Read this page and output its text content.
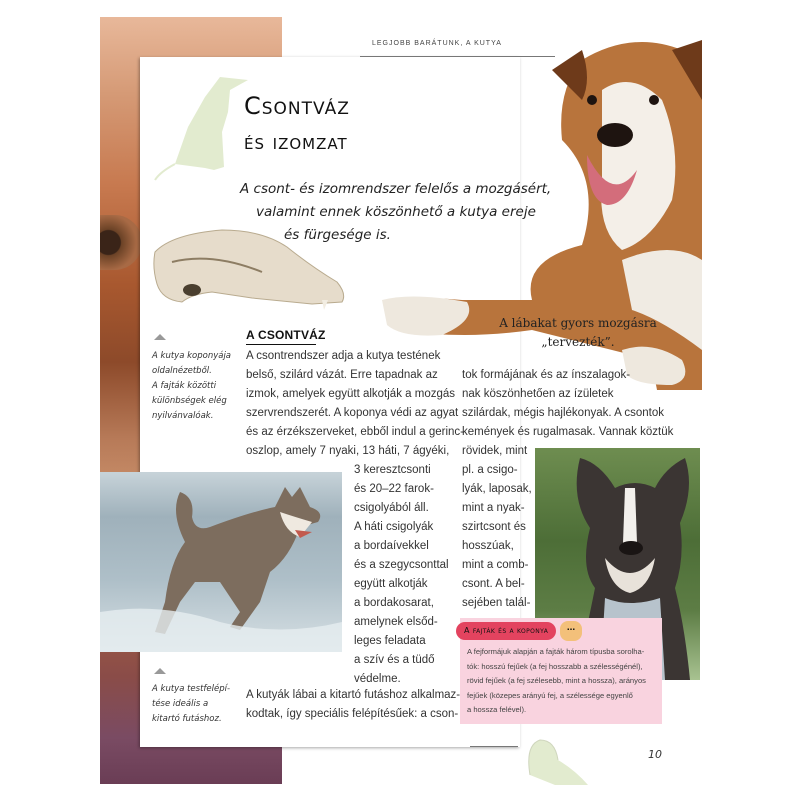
LEGJOBB BARÁTUNK, A KUTYA
Csontváz
és izomzat
A csont- és izomrendszer felelős a mozgásért,
valamint ennek köszönhető a kutya ereje
és fürgesége is.
A kutya koponyája
oldalnézetből.
A fajták közötti
különbségek elég
nyilvánvalóak.
A lábakat gyors mozgásra
„tervezték”.
A CSONTVÁZ
A csontrendszer adja a kutya testének
belső, szilárd vázát. Erre tapadnak az
izmok, amelyek együtt alkotják a mozgás
szervrendszerét. A koponya védi az agyat
és az érzékszerveket, ebből indul a gerinc-
oszlop, amely 7 nyaki, 13 háti, 7 ágyéki,
3 keresztcsonti
és 20–22 farok-
csigolyából áll.
A háti csigolyák
a bordaívekkel
és a szegycsonttal
együtt alkotják
a bordakosarat,
amelynek elsőd-
leges feladata
a szív és a tüdő
védelme.
A kutyák lábai a kitartó futáshoz alkalmaz-
kodtak, így speciális felépítésűek: a cson-
tok formájának és az ínszalagok-
nak köszönhetően az ízületek
szilárdak, mégis hajlékonyak. A csontok
kemények és rugalmasak. Vannak köztük
rövidek, mint
pl. a csigo-
lyák, laposak,
mint a nyak-
szirtcsont és
hosszúak,
mint a comb-
csont. A bel-
sejében talál-
A kutya testfelépí-
tése ideális a
kitartó futáshoz.
...
A fajták és a koponya
A fejformájuk alapján a fajták három típusba sorolha-
tók: hosszú fejűek (a fej hosszabb a szélességénél),
rövid fejűek (a fej szélesebb, mint a hossza), arányos
fejűek (közepes arányú fej, a szélessége egyenlő
a hossza felével).
10
